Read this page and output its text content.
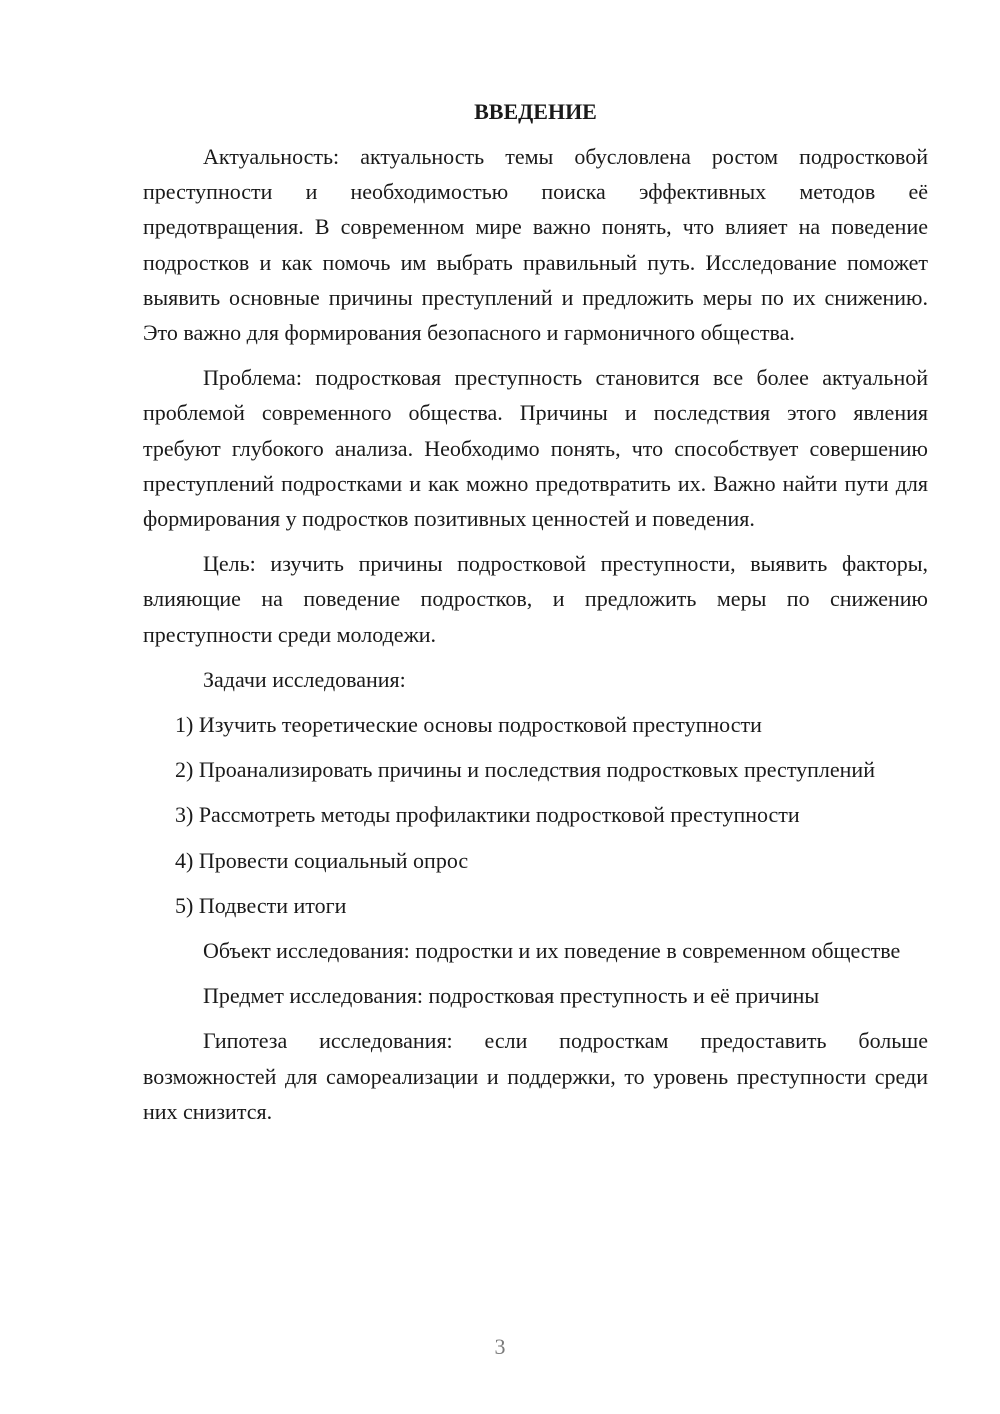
ВВЕДЕНИЕ

Актуальность: актуальность темы обусловлена ростом подростковой преступности и необходимостью поиска эффективных методов её предотвращения. В современном мире важно понять, что влияет на поведение подростков и как помочь им выбрать правильный путь. Исследование поможет выявить основные причины преступлений и предложить меры по их снижению. Это важно для формирования безопасного и гармоничного общества.

Проблема: подростковая преступность становится все более актуальной проблемой современного общества. Причины и последствия этого явления требуют глубокого анализа. Необходимо понять, что способствует совершению преступлений подростками и как можно предотвратить их. Важно найти пути для формирования у подростков позитивных ценностей и поведения.

Цель: изучить причины подростковой преступности, выявить факторы, влияющие на поведение подростков, и предложить меры по снижению преступности среди молодежи.

Задачи исследования:

1) Изучить теоретические основы подростковой преступности

2) Проанализировать причины и последствия подростковых преступлений

3) Рассмотреть методы профилактики подростковой преступности

4) Провести социальный опрос

5) Подвести итоги

Объект исследования: подростки и их поведение в современном обществе

Предмет исследования: подростковая преступность и её причины

Гипотеза исследования: если подросткам предоставить больше возможностей для самореализации и поддержки, то уровень преступности среди них снизится.

3
